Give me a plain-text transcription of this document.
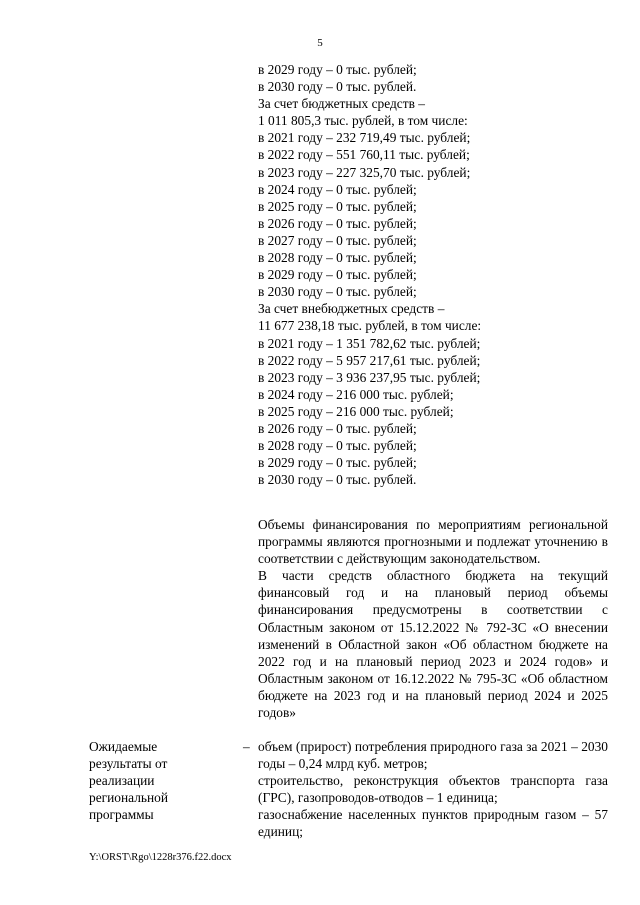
5
в 2029 году – 0 тыс. рублей;
в 2030 году – 0 тыс. рублей.
За счет бюджетных средств –
1 011 805,3 тыс. рублей, в том числе:
в 2021 году – 232 719,49 тыс. рублей;
в 2022 году – 551 760,11 тыс. рублей;
в 2023 году – 227 325,70 тыс. рублей;
в 2024 году – 0 тыс. рублей;
в 2025 году – 0 тыс. рублей;
в 2026 году – 0 тыс. рублей;
в 2027 году – 0 тыс. рублей;
в 2028 году – 0 тыс. рублей;
в 2029 году – 0 тыс. рублей;
в 2030 году – 0 тыс. рублей;
За счет внебюджетных средств –
11 677 238,18 тыс. рублей, в том числе:
в 2021 году – 1 351 782,62 тыс. рублей;
в 2022 году – 5 957 217,61 тыс. рублей;
в 2023 году – 3 936 237,95 тыс. рублей;
в 2024 году – 216 000 тыс. рублей;
в 2025 году – 216 000 тыс. рублей;
в 2026 году – 0 тыс. рублей;
в 2028 году – 0 тыс. рублей;
в 2029 году – 0 тыс. рублей;
в 2030 году – 0 тыс. рублей.
Объемы финансирования по мероприятиям региональной программы являются прогнозными и подлежат уточнению в соответствии с действующим законодательством.
В части средств областного бюджета на текущий финансовый год и на плановый период объемы финансирования предусмотрены в соответствии с Областным законом от 15.12.2022 № 792-ЗС «О внесении изменений в Областной закон «Об областном бюджете на 2022 год и на плановый период 2023 и 2024 годов» и Областным законом от 16.12.2022 № 795-ЗС «Об областном бюджете на 2023 год и на плановый период 2024 и 2025 годов»
Ожидаемые результаты от реализации региональной программы
– объем (прирост) потребления природного газа за 2021 – 2030 годы – 0,24 млрд куб. метров;
строительство, реконструкция объектов транспорта газа (ГРС), газопроводов-отводов – 1 единица;
газоснабжение населенных пунктов природным газом – 57 единиц;
Y:\ORST\Rgo\1228r376.f22.docx
